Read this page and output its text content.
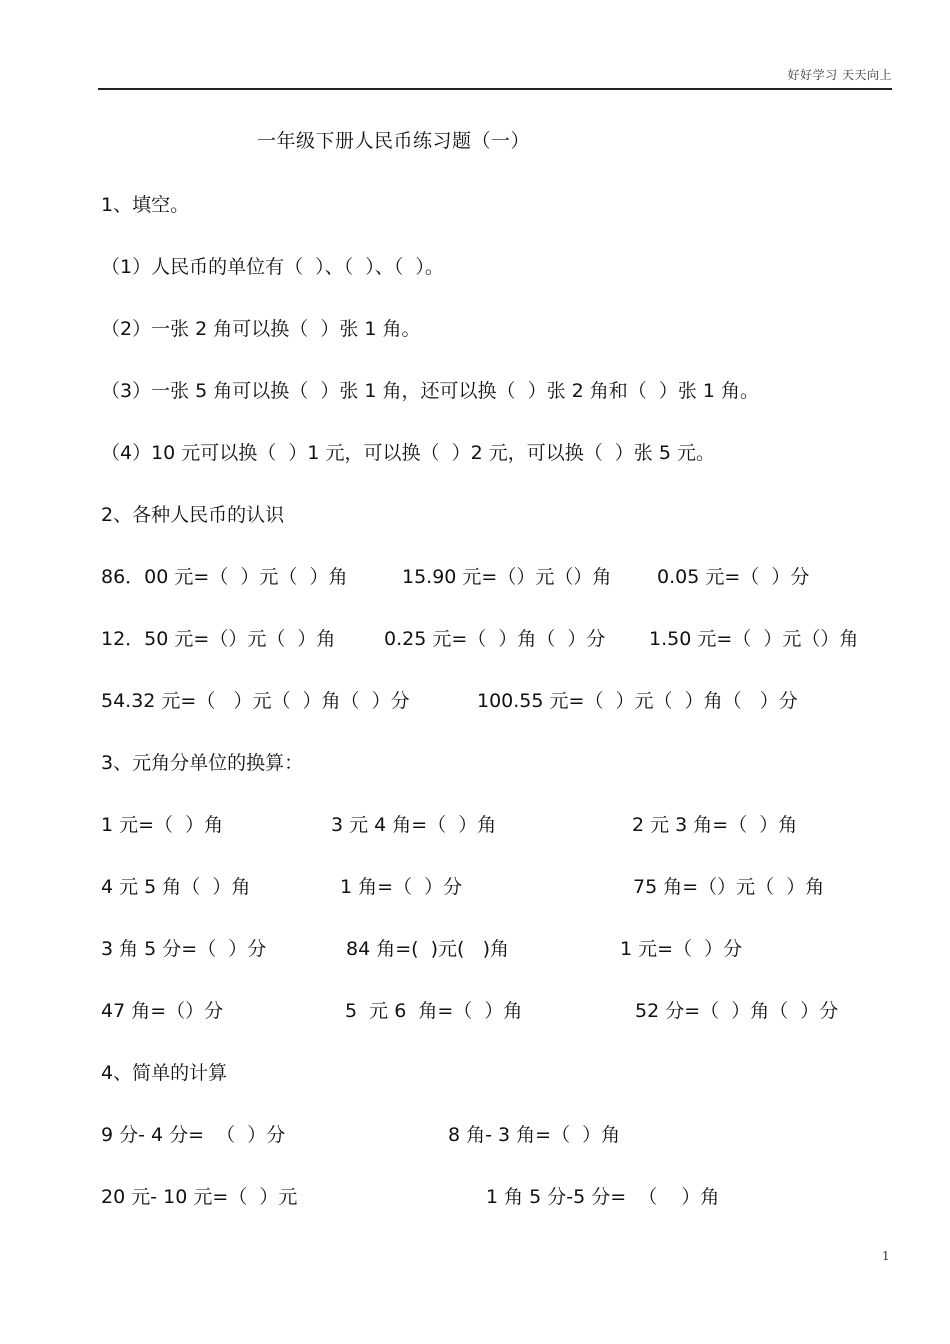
好好学习 天天向上
一年级下册人民币练习题（一）
1、填空。
（1）人民币的单位有（  ）、（  ）、（  ）。
（2）一张 2 角可以换（  ）张 1 角。
（3）一张 5 角可以换（  ）张 1 角，还可以换（  ）张 2 角和（  ）张 1 角。
（4）10 元可以换（  ）1 元，可以换（  ）2 元，可以换（  ）张 5 元。
2、各种人民币的认识
86．00 元=（  ）元（  ）角	15.90 元=（）元（）角 0.05 元=（  ）分
12．50 元=（）元（  ）角	0.25 元=（  ）角（  ）分 1.50 元=（  ）元（）角
54.32 元=（   ）元（  ）角（  ）分	100.55 元=（  ）元（  ）角（   ）分
3、元角分单位的换算：
1 元=（  ）角	3 元 4 角=（  ）角	2 元 3 角=（  ）角
4 元 5 角（  ）角	1 角=（  ）分	75 角=（）元（  ）角
3 角 5 分=（  ）分	84 角=(  )元(   )角	1 元=（  ）分
47 角=（）分	5  元 6  角=（  ）角	52 分=（  ）角（  ）分
4、简单的计算
9 分- 4 分=  （  ）分	8 角- 3 角=（  ）角
20 元- 10 元=（  ）元	1 角 5 分-5 分=  （    ）角
1
